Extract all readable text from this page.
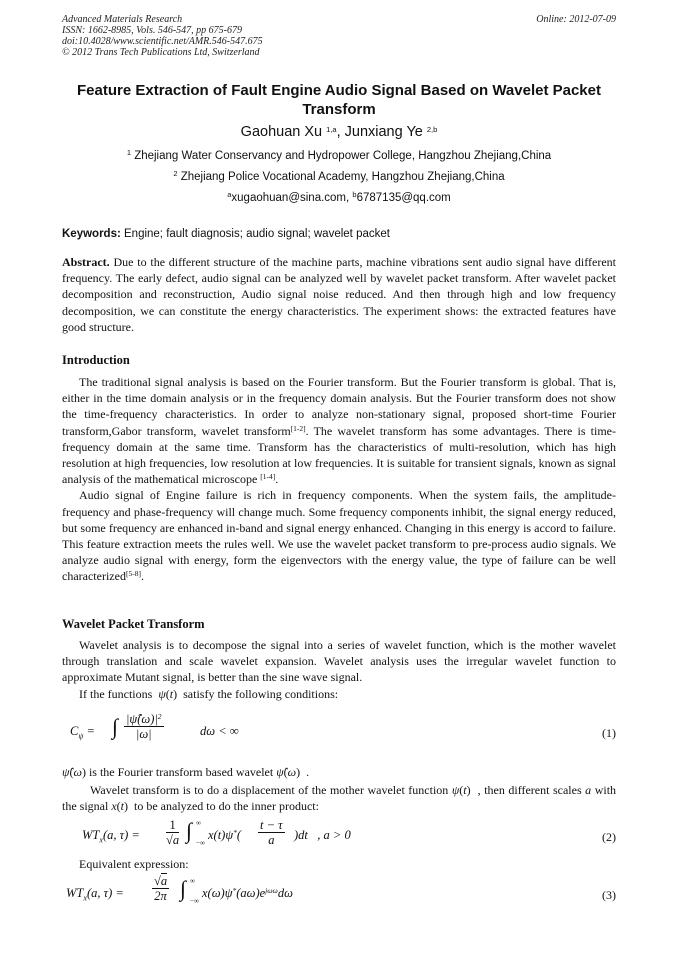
Advanced Materials Research
ISSN: 1662-8985, Vols. 546-547, pp 675-679
doi:10.4028/www.scientific.net/AMR.546-547.675
© 2012 Trans Tech Publications Ltd, Switzerland
Online: 2012-07-09
Feature Extraction of Fault Engine Audio Signal Based on Wavelet Packet Transform
Gaohuan Xu $^{1,a}$, Junxiang Ye $^{2,b}$
$^1$ Zhejiang Water Conservancy and Hydropower College, Hangzhou Zhejiang,China
$^2$ Zhejiang Police Vocational Academy, Hangzhou Zhejiang,China
$^a$xugaohuan@sina.com, $^b$6787135@qq.com
Keywords: Engine; fault diagnosis; audio signal; wavelet packet
Abstract. Due to the different structure of the machine parts, machine vibrations sent audio signal have different frequency. The early defect, audio signal can be analyzed well by wavelet packet transform. After wavelet packet decomposition and reconstruction, Audio signal noise reduced. And then through high and low frequency decomposition, we can constitute the energy characteristics. The experiment shows: the extracted features have good structure.
Introduction

The traditional signal analysis is based on the Fourier transform. But the Fourier transform is global. That is, either in the time domain analysis or in the frequency domain analysis. But the Fourier transform does not show the time-frequency characteristics. In order to analyze non-stationary signal, proposed short-time Fourier transform,Gabor transform, wavelet transform[1-2]. The wavelet transform has some advantages. There is time-frequency domain at the same time. Transform has the characteristics of multi-resolution, which has high resolution at high frequencies, low resolution at low frequencies. It is suitable for transient signals, known as signal analysis of the mathematical microscope [1-4].

Audio signal of Engine failure is rich in frequency components. When the system fails, the amplitude-frequency and phase-frequency will change much. Some frequency components inhibit, the signal energy reduced, but some frequency are enhanced in-band and signal energy enhanced. Changing in this energy is accord to failure. This feature extraction meets the rules well. We use the wavelet packet transform to pre-process audio signals. We analyze audio signal with energy, form the eigenvectors with the energy value, the type of failure can be well characterized[5-8].

Wavelet Packet Transform

Wavelet analysis is to decompose the signal into a series of wavelet function, which is the mother wavelet through translation and scale wavelet expansion. Wavelet analysis uses the irregular wavelet function to approximate Mutant signal, is better than the sine wave signal.

If the functions ψ(t)  satisfy the following conditions:

$C_\psi$ = ∫ $\frac{|\psî(\omega)|^2}{|\omega|}$	dω < ∞	(1)
ψ̂(ω) is the Fourier transform based wavelet ψ̂(ω)  .

Wavelet transform is to do a displacement of the mother wavelet function ψ(t)  , then different scales a with the signal x(t)  to be analyzed to do the inner product:

$WT_x(a$, $\tau) = \frac{1}{√a}$ ∫ ∞

−∞
$x(t)\psi^*( \frac{t - \tau}{a} )dt$   , a > 0	(2)

Equivalent expression:

$WT_x(a$, $\tau) = \frac{√a}{2\pi}$ ∫ ∞

−∞
$x(\omega)\psi^*(a\omega)e^{j\omega\omega}d\omega$	(3)
